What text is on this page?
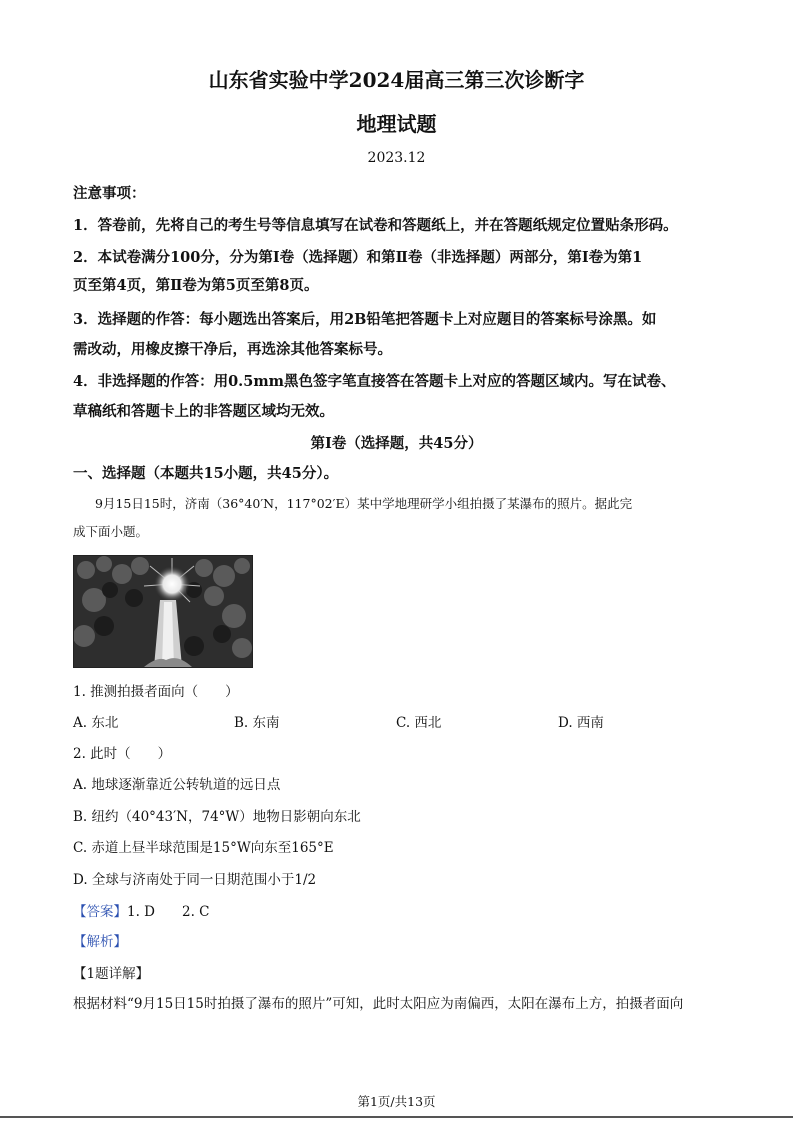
山东省实验中学2024届高三第三次诊断字
地理试题
2023.12
注意事项：
1．答卷前，先将自己的考生号等信息填写在试卷和答题纸上，并在答题纸规定位置贴条形码。
2．本试卷满分100分，分为第Ⅰ卷（选择题）和第Ⅱ卷（非选择题）两部分，第Ⅰ卷为第1
页至第4页，第Ⅱ卷为第5页至第8页。
3．选择题的作答：每小题选出答案后，用2B铅笔把答题卡上对应题目的答案标号涂黑。如
需改动，用橡皮擦干净后，再选涂其他答案标号。
4．非选择题的作答：用0.5mm黑色签字笔直接答在答题卡上对应的答题区域内。写在试卷、
草稿纸和答题卡上的非答题区域均无效。
第Ⅰ卷（选择题，共45分）
一、选择题（本题共15小题，共45分）。
9月15日15时，济南（36°40′N，117°02′E）某中学地理研学小组拍摄了某瀑布的照片。据此完
成下面小题。
1. 推测拍摄者面向（　　）
A. 东北	B. 东南	C. 西北	D. 西南
2. 此时（　　）
A. 地球逐渐靠近公转轨道的远日点
B. 纽约（40°43′N，74°W）地物日影朝向东北
C. 赤道上昼半球范围是15°W向东至165°E
D. 全球与济南处于同一日期范围小于1/2
【答案】1. D　　2. C
【解析】
【1题详解】
根据材料“9月15日15时拍摄了瀑布的照片”可知，此时太阳应为南偏西，太阳在瀑布上方，拍摄者面向
第1页/共13页
